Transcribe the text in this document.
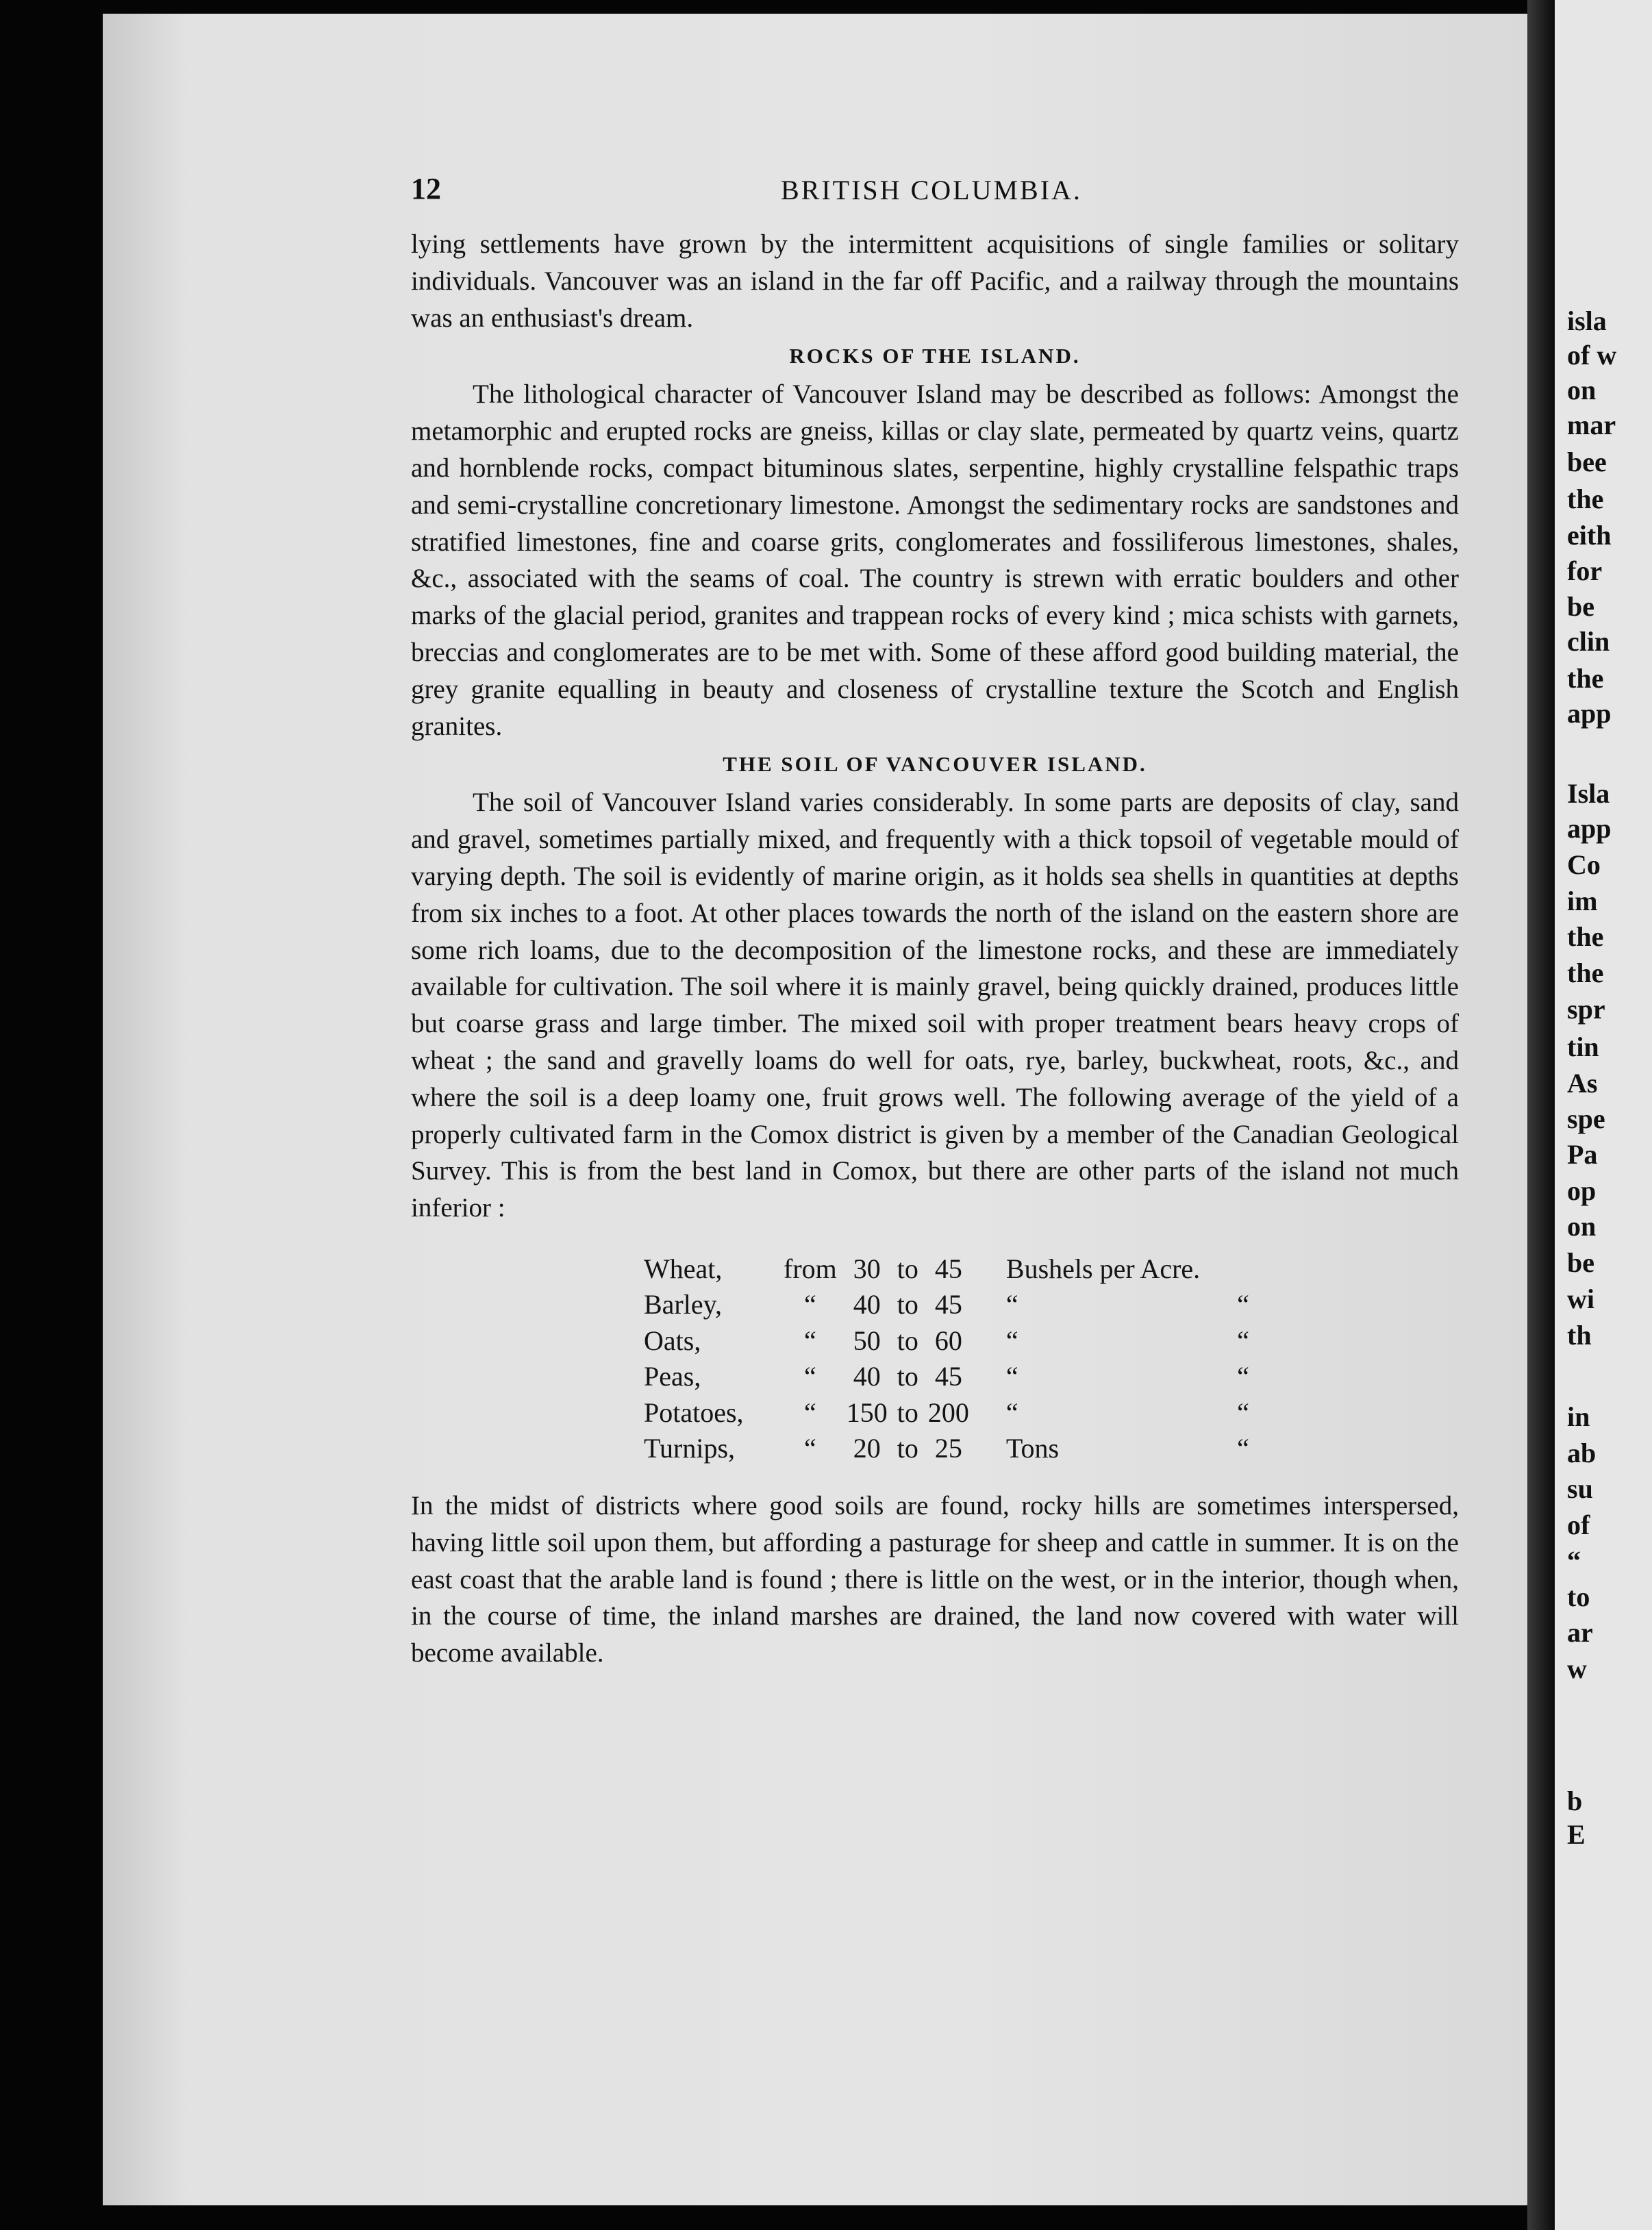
isla
of w
on
mar
bee
the
eith
for
be
clin
the
app
Isla
app
Co
im
the
the
spr
tin
As
spe
Pa
op
on
be
wi
th
in
ab
su
of
“
to
ar
w
b
E
12	BRITISH COLUMBIA.

lying settlements have grown by the intermittent acquisitions of single families or solitary individuals. Vancouver was an island in the far off Pacific, and a railway through the mountains was an enthusiast's dream.

ROCKS OF THE ISLAND.

The lithological character of Vancouver Island may be described as follows: Amongst the metamorphic and erupted rocks are gneiss, killas or clay slate, permeated by quartz veins, quartz and hornblende rocks, compact bituminous slates, serpentine, highly crystalline felspathic traps and semi-crystalline concretionary limestone. Amongst the sedimentary rocks are sandstones and stratified limestones, fine and coarse grits, conglomerates and fossiliferous limestones, shales, &c., associated with the seams of coal. The country is strewn with erratic boulders and other marks of the glacial period, granites and trappean rocks of every kind ; mica schists with garnets, breccias and conglomerates are to be met with. Some of these afford good building material, the grey granite equalling in beauty and closeness of crystalline texture the Scotch and English granites.

THE SOIL OF VANCOUVER ISLAND.

The soil of Vancouver Island varies considerably. In some parts are deposits of clay, sand and gravel, sometimes partially mixed, and frequently with a thick topsoil of vegetable mould of varying depth. The soil is evidently of marine origin, as it holds sea shells in quantities at depths from six inches to a foot. At other places towards the north of the island on the eastern shore are some rich loams, due to the decomposition of the limestone rocks, and these are immediately available for cultivation. The soil where it is mainly gravel, being quickly drained, produces little but coarse grass and large timber. The mixed soil with proper treatment bears heavy crops of wheat ; the sand and gravelly loams do well for oats, rye, barley, buckwheat, roots, &c., and where the soil is a deep loamy one, fruit grows well. The following average of the yield of a properly cultivated farm in the Comox district is given by a member of the Canadian Geological Survey. This is from the best land in Comox, but there are other parts of the island not much inferior :

Wheat,	from	30	to	45	Bushels per Acre.	
Barley,	“	40	to	45	“	“
Oats,	“	50	to	60	“	“
Peas,	“	40	to	45	“	“
Potatoes,	“	150	to	200	“	“
Turnips,	“	20	to	25	Tons	“

In the midst of districts where good soils are found, rocky hills are sometimes interspersed, having little soil upon them, but affording a pasturage for sheep and cattle in summer. It is on the east coast that the arable land is found ; there is little on the west, or in the interior, though when, in the course of time, the inland marshes are drained, the land now covered with water will become available.
